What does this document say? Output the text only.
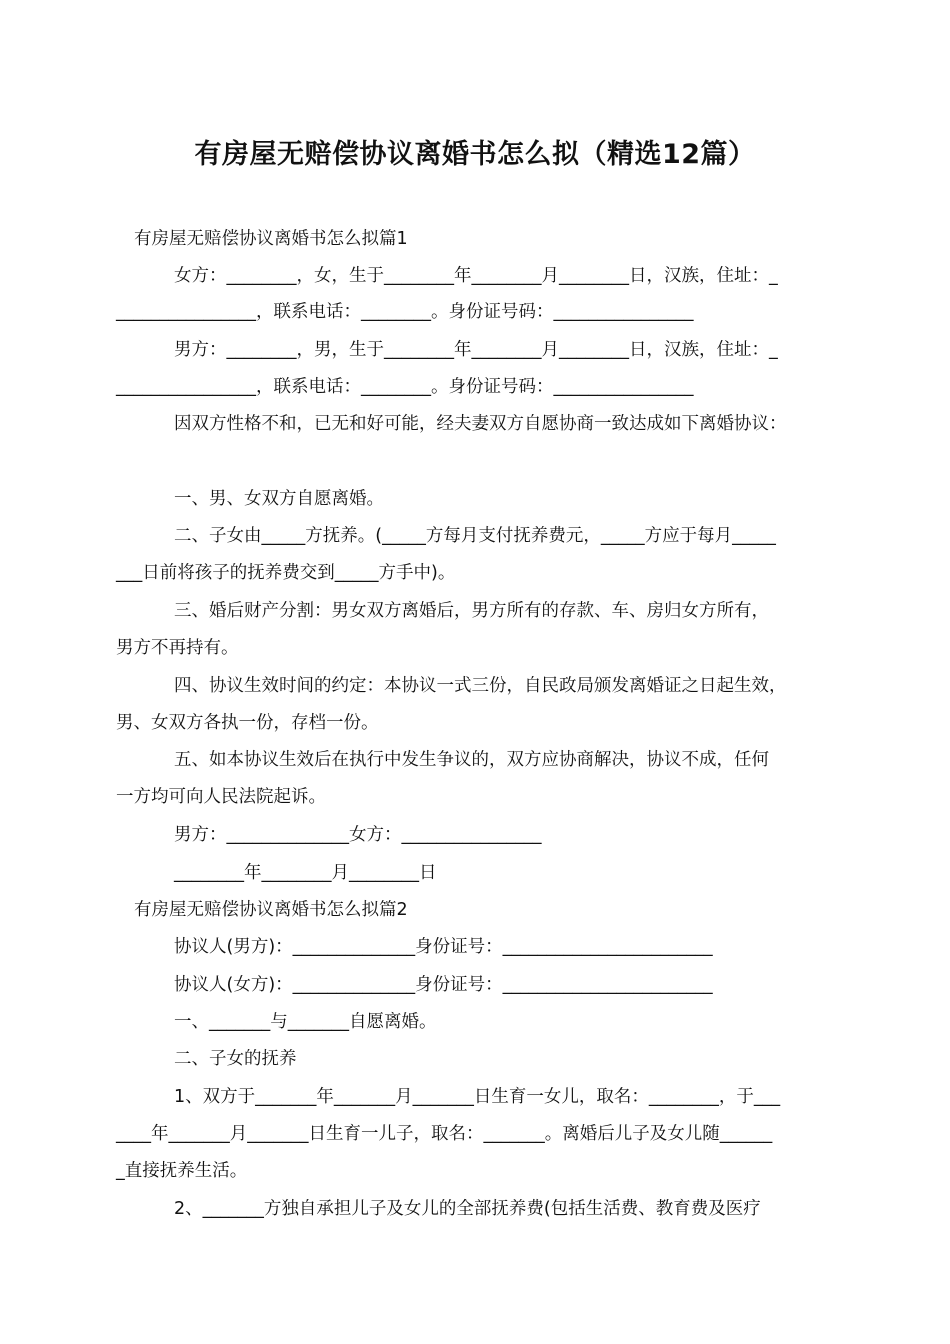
有房屋无赔偿协议离婚书怎么拟（精选12篇）
有房屋无赔偿协议离婚书怎么拟篇1
女方：________，女，生于________年________月________日，汉族，住址：_
________________，联系电话：________。身份证号码：________________
男方：________，男，生于________年________月________日，汉族，住址：_
________________，联系电话：________。身份证号码：________________
因双方性格不和，已无和好可能，经夫妻双方自愿协商一致达成如下离婚协议：
一、男、女双方自愿离婚。
二、子女由_____方抚养。(_____方每月支付抚养费元，_____方应于每月_____
___日前将孩子的抚养费交到_____方手中)。
三、婚后财产分割：男女双方离婚后，男方所有的存款、车、房归女方所有，
男方不再持有。
四、协议生效时间的约定：本协议一式三份，自民政局颁发离婚证之日起生效，
男、女双方各执一份，存档一份。
五、如本协议生效后在执行中发生争议的，双方应协商解决，协议不成，任何
一方均可向人民法院起诉。
男方：______________女方：________________
________年________月________日
有房屋无赔偿协议离婚书怎么拟篇2
协议人(男方)：______________身份证号：________________________
协议人(女方)：______________身份证号：________________________
一、_______与_______自愿离婚。
二、子女的抚养
1、双方于_______年_______月_______日生育一女儿，取名：________，于___
____年_______月_______日生育一儿子，取名：_______。离婚后儿子及女儿随______
_直接抚养生活。
2、_______方独自承担儿子及女儿的全部抚养费(包括生活费、教育费及医疗
